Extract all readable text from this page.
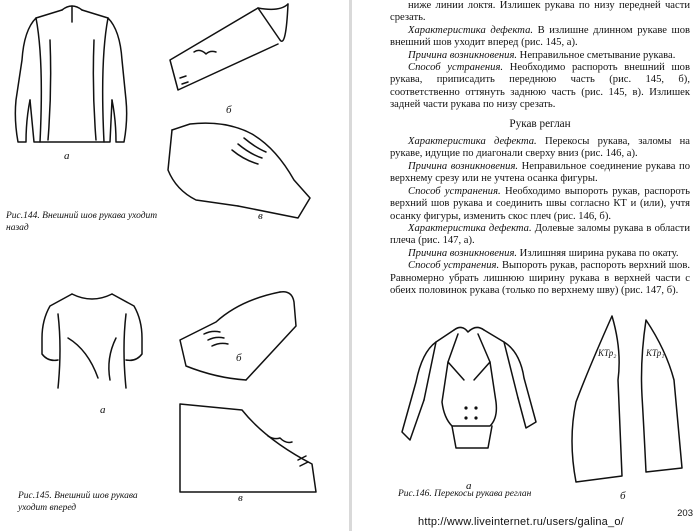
а
б
в
Рис.144. Внешний шов рукава уходит назад
а
б
в
Рис.145. Внешний шов рукава уходит вперед

ниже линии локтя. Излишек рукава по низу передней части срезать.

Характеристика дефекта. В излишне длинном рукаве шов внешний шов уходит вперед (рис. 145, а).

Причина возникновения. Неправильное сметывание рукава.

Способ устранения. Необходимо распороть внешний шов рукава, приписадить переднюю часть (рис. 145, б), соответственно оттянуть заднюю часть (рис. 145, в). Излишек задней части рукава по низу срезать.

Рукав реглан

Характеристика дефекта. Перекосы рукава, заломы на рукаве, идущие по диагонали сверху вниз (рис. 146, а).

Причина возникновения. Неправильное соединение рукава по верхнему срезу или не учтена осанка фигуры.

Способ устранения. Необходимо выпороть рукав, распороть верхний шов рукава и соединить швы согласно КТ и (или), учтя осанку фигуры, изменить скос плеч (рис. 146, б).

Характеристика дефекта. Долевые заломы рукава в области плеча (рис. 147, а).

Причина возникновения. Излишняя ширина рукава по окату.

Способ устранения. Выпороть рукав, распороть верхний шов. Равномерно убрать лишнюю ширину рукава в верхней части с обеих половинок рукава (только по верхнему шву) (рис. 147, б).

а
КТр₂	КТр₁
б
Рис.146. Перекосы рукава реглан
203
http://www.liveinternet.ru/users/galina_o/
